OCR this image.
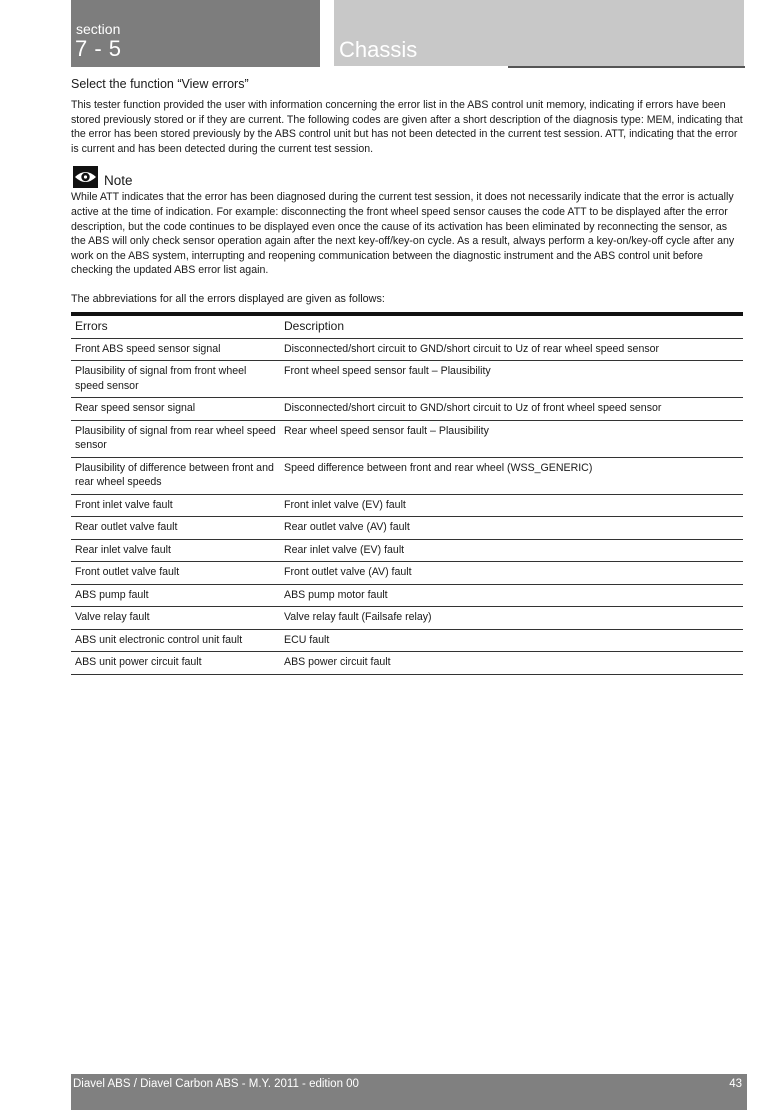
section
7 - 5	Chassis

Select the function “View errors”

This tester function provided the user with information concerning the error list in the ABS control unit memory, indicating if errors have been stored previously stored or if they are current. The following codes are given after a short description of the diagnosis type: MEM, indicating that the error has been stored previously by the ABS control unit but has not been detected in the current test session. ATT, indicating that the error is current and has been detected during the current test session.

Note

While ATT indicates that the error has been diagnosed during the current test session, it does not necessarily indicate that the error is actually active at the time of indication. For example: disconnecting the front wheel speed sensor causes the code ATT to be displayed after the error description, but the code continues to be displayed even once the cause of its activation has been eliminated by reconnecting the sensor, as the ABS will only check sensor operation again after the next key-off/key-on cycle. As a result, always perform a key-on/key-off cycle after any work on the ABS system, interrupting and reopening communication between the diagnostic instrument and the ABS control unit before checking the updated ABS error list again.

The abbreviations for all the errors displayed are given as follows:

Errors	Description
Front ABS speed sensor signal	Disconnected/short circuit to GND/short circuit to Uz of rear wheel speed sensor
Plausibility of signal from front wheel speed sensor	Front wheel speed sensor fault – Plausibility
Rear speed sensor signal	Disconnected/short circuit to GND/short circuit to Uz of front wheel speed sensor
Plausibility of signal from rear wheel speed sensor	Rear wheel speed sensor fault – Plausibility
Plausibility of difference between front and rear wheel speeds	Speed difference between front and rear wheel (WSS_GENERIC)
Front inlet valve fault	Front inlet valve (EV) fault
Rear outlet valve fault	Rear outlet valve (AV) fault
Rear inlet valve fault	Rear inlet valve (EV) fault
Front outlet valve fault	Front outlet valve (AV) fault
ABS pump fault	ABS pump motor fault
Valve relay fault	Valve relay fault (Failsafe relay)
ABS unit electronic control unit fault	ECU fault
ABS unit power circuit fault	ABS power circuit fault
Diavel ABS / Diavel Carbon ABS - M.Y. 2011 - edition 00	43
